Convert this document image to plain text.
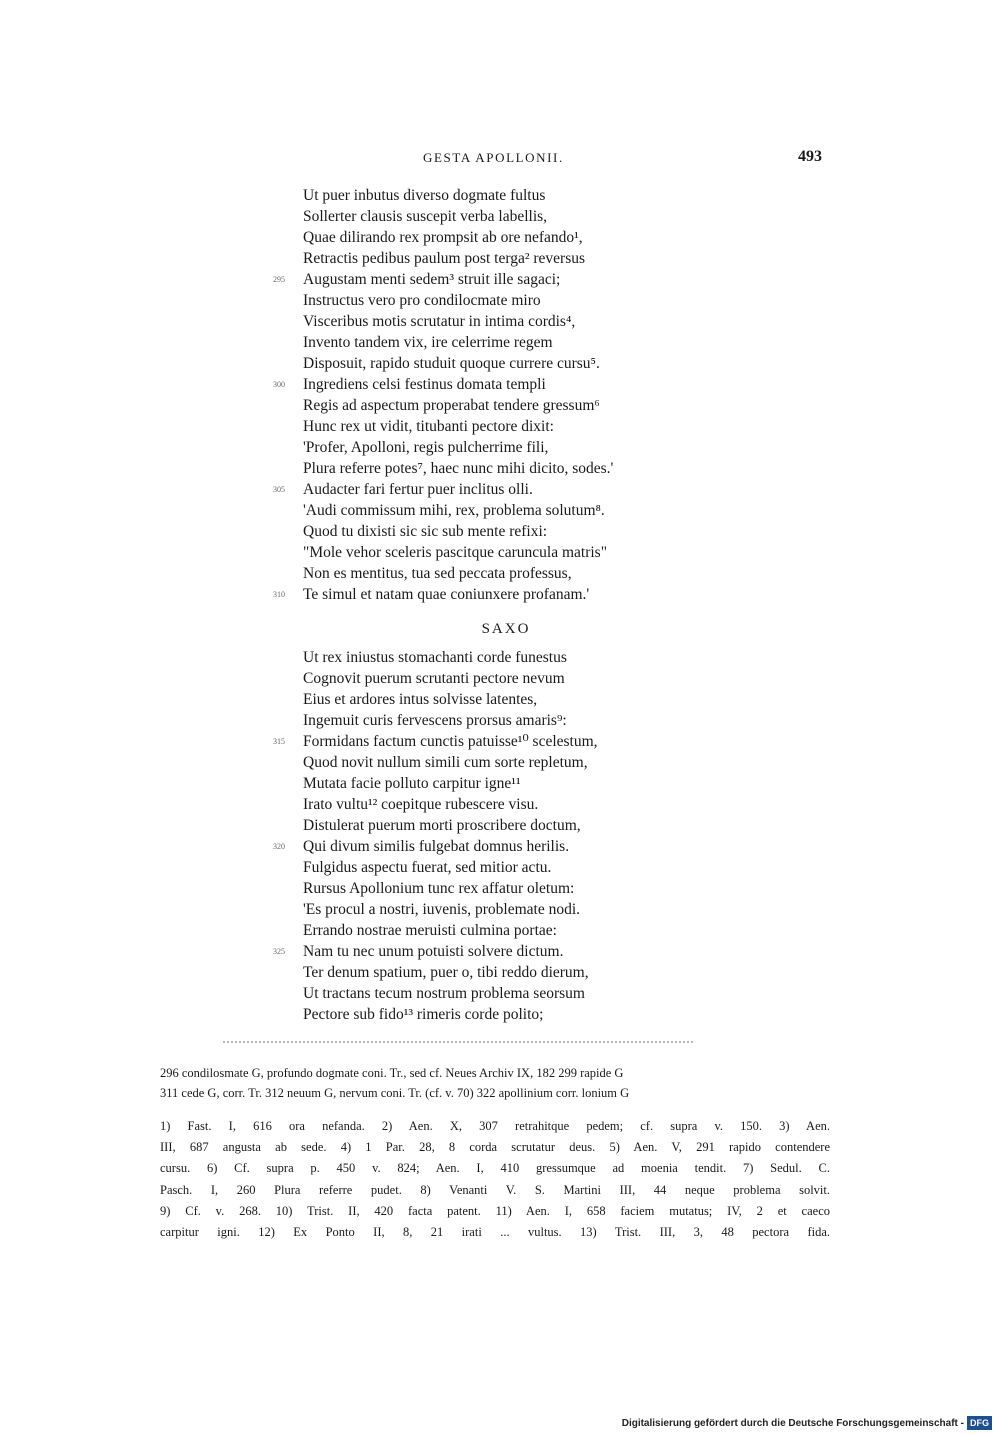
GESTA APOLLONII.	493
Ut puer inbutus diverso dogmate fultus
Sollerter clausis suscepit verba labellis,
Quae dilirando rex prompsit ab ore nefando¹,
Retractis pedibus paulum post terga² reversus
295 Augustam menti sedem³ struit ille sagaci;
Instructus vero pro condilocmate miro
Visceribus motis scrutatur in intima cordis⁴,
Invento tandem vix, ire celerrime regem
Disposuit, rapido studuit quoque currere cursu⁵.
300 Ingrediens celsi festinus domata templi
Regis ad aspectum properabat tendere gressum⁶
Hunc rex ut vidit, titubanti pectore dixit:
'Profer, Apolloni, regis pulcherrime fili,
Plura referre potes⁷, haec nunc mihi dicito, sodes.'
305 Audacter fari fertur puer inclitus olli.
'Audi commissum mihi, rex, problema solutum⁸.
Quod tu dixisti sic sic sub mente refixi:
"Mole vehor sceleris pascitque caruncula matris"
Non es mentitus, tua sed peccata professus,
310 Te simul et natam quae coniunxere profanam.'
SAXO
Ut rex iniustus stomachanti corde funestus
Cognovit puerum scrutanti pectore nevum
Eius et ardores intus solvisse latentes,
Ingemuit curis fervescens prorsus amaris⁹:
315 Formidans factum cunctis patuisse¹⁰ scelestum,
Quod novit nullum simili cum sorte repletum,
Mutata facie polluto carpitur igne¹¹
Irato vultu¹² coepitque rubescere visu.
Distulerat puerum morti proscribere doctum,
320 Qui divum similis fulgebat domnus herilis.
Fulgidus aspectu fuerat, sed mitior actu.
Rursus Apollonium tunc rex affatur oletum:
'Es procul a nostri, iuvenis, problemate nodi.
Errando nostrae meruisti culmina portae:
325 Nam tu nec unum potuisti solvere dictum.
Ter denum spatium, puer o, tibi reddo dierum,
Ut tractans tecum nostrum problema seorsum
Pectore sub fido¹³ rimeris corde polito;
296 condilosmate G, profundo dogmate coni. Tr., sed cf. Neues Archiv IX, 182 299 rapide G
311 cede G, corr. Tr. 312 neuum G, nervum coni. Tr. (cf. v. 70) 322 apollinium corr. lonium G
1) Fast. I, 616 ora nefanda. 2) Aen. X, 307 retrahitque pedem; cf. supra v. 150. 3) Aen.
III, 687 angusta ab sede. 4) 1 Par. 28, 8 corda scrutatur deus. 5) Aen. V, 291 rapido contendere
cursu. 6) Cf. supra p. 450 v. 824; Aen. I, 410 gressumque ad moenia tendit. 7) Sedul. C.
Pasch. I, 260 Plura referre pudet. 8) Venanti V. S. Martini III, 44 neque problema solvit.
9) Cf. v. 268. 10) Trist. II, 420 facta patent. 11) Aen. I, 658 faciem mutatus; IV, 2 et caeco
carpitur igni. 12) Ex Ponto II, 8, 21 irati ... vultus. 13) Trist. III, 3, 48 pectora fida.
Digitalisierung gefördert durch die Deutsche Forschungsgemeinschaft - DFG
